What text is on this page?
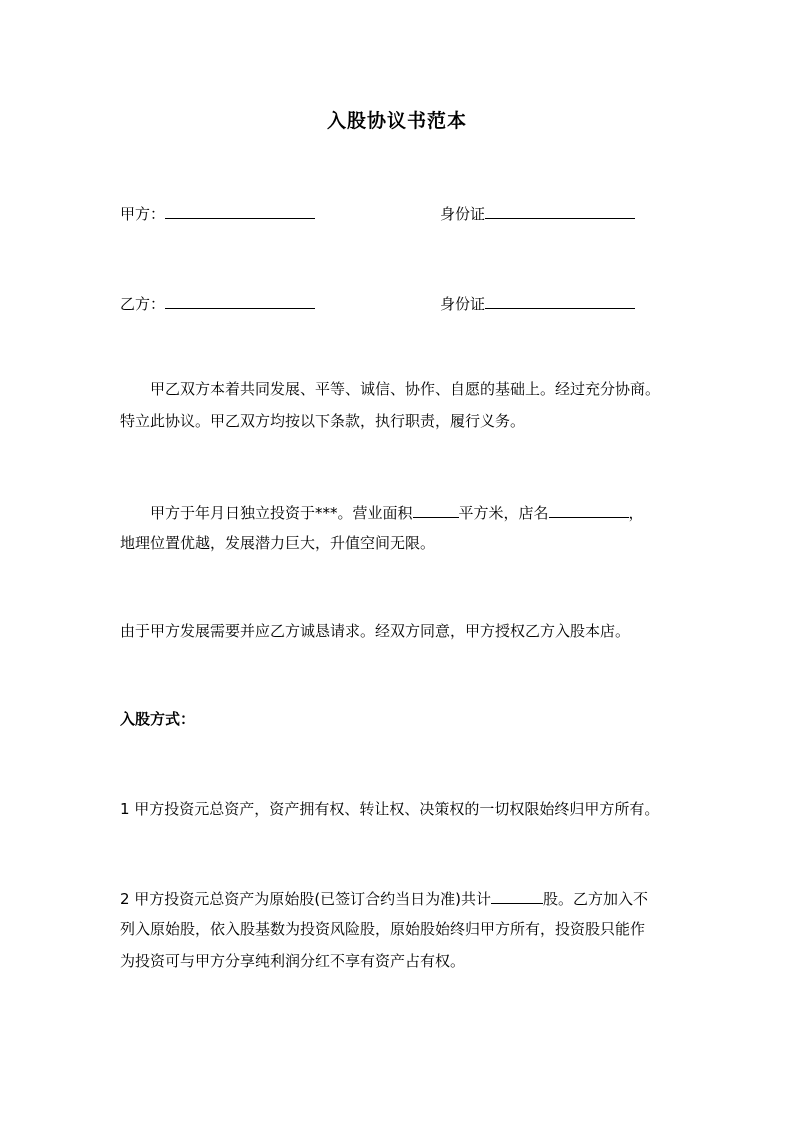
入股协议书范本
甲方：	身份证
乙方：	身份证
甲乙双方本着共同发展、平等、诚信、协作、自愿的基础上。经过充分协商。
特立此协议。甲乙双方均按以下条款，执行职责，履行义务。
甲方于年月日独立投资于***。营业面积	平方米，店名	，
地理位置优越，发展潜力巨大，升值空间无限。
由于甲方发展需要并应乙方诚恳请求。经双方同意，甲方授权乙方入股本店。
入股方式：
1 甲方投资元总资产，资产拥有权、转让权、决策权的一切权限始终归甲方所有。
2 甲方投资元总资产为原始股(已签订合约当日为准)共计	股。乙方加入不
列入原始股，依入股基数为投资风险股，原始股始终归甲方所有，投资股只能作
为投资可与甲方分享纯利润分红不享有资产占有权。
